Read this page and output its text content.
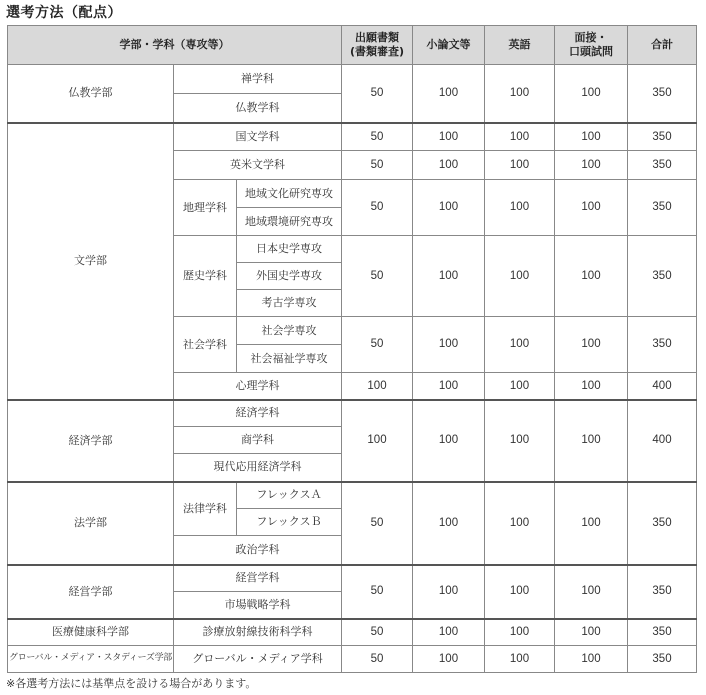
選考方法（配点）
学部・学科（専攻等）			出願書類
(書類審査)	小論文等	英語	面接・
口頭試問	合計
仏教学部	禅学科		50	100	100	100	350
	仏教学科						
文学部	国文学科		50	100	100	100	350
	英米文学科		50	100	100	100	350
	地理学科	地域文化研究専攻	50	100	100	100	350
		地域環境研究専攻					
	歴史学科	日本史学専攻	50	100	100	100	350
		外国史学専攻					
		考古学専攻					
	社会学科	社会学専攻	50	100	100	100	350
		社会福祉学専攻					
	心理学科		100	100	100	100	400

経済学部	経済学科		100	100	100	100	400
	商学科						
	現代応用経済学科						
法学部	法律学科	フレックスＡ	50	100	100	100	350
		フレックスＢ					
	政治学科						
経営学部	経営学科		50	100	100	100	350
	市場戦略学科						
医療健康科学部	診療放射線技術科学科		50	100	100	100	350
グローバル・メディア・スタディーズ学部	グローバル・メディア学科		50	100	100	100	350
※各選考方法には基準点を設ける場合があります。
